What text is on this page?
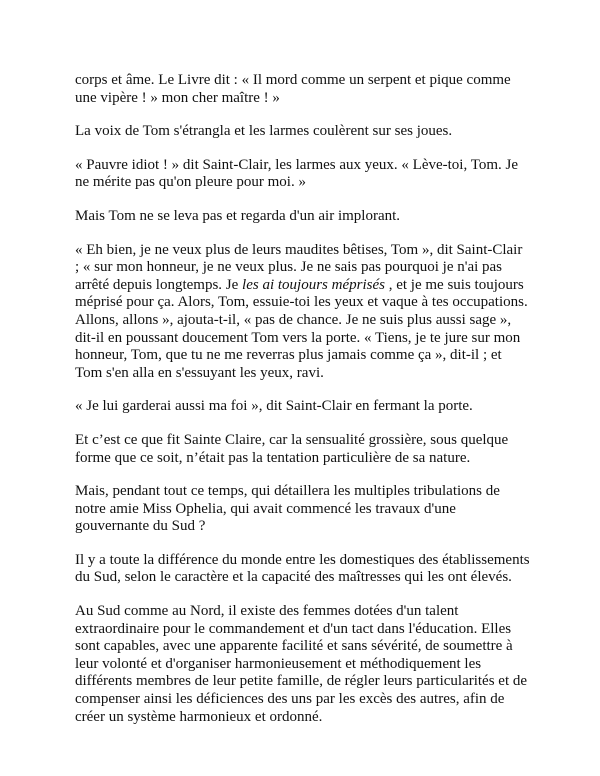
corps et âme. Le Livre dit : « Il mord comme un serpent et pique comme une vipère ! » mon cher maître ! »

La voix de Tom s'étrangla et les larmes coulèrent sur ses joues.

« Pauvre idiot ! » dit Saint-Clair, les larmes aux yeux. « Lève-toi, Tom. Je ne mérite pas qu'on pleure pour moi. »

Mais Tom ne se leva pas et regarda d'un air implorant.

« Eh bien, je ne veux plus de leurs maudites bêtises, Tom », dit Saint-Clair ; « sur mon honneur, je ne veux plus. Je ne sais pas pourquoi je n'ai pas arrêté depuis longtemps. Je les ai toujours méprisés , et je me suis toujours méprisé pour ça. Alors, Tom, essuie-toi les yeux et vaque à tes occupations. Allons, allons », ajouta-t-il, « pas de chance. Je ne suis plus aussi sage », dit-il en poussant doucement Tom vers la porte. « Tiens, je te jure sur mon honneur, Tom, que tu ne me reverras plus jamais comme ça », dit-il ; et Tom s'en alla en s'essuyant les yeux, ravi.

« Je lui garderai aussi ma foi », dit Saint-Clair en fermant la porte.

Et c’est ce que fit Sainte Claire, car la sensualité grossière, sous quelque forme que ce soit, n’était pas la tentation particulière de sa nature.

Mais, pendant tout ce temps, qui détaillera les multiples tribulations de notre amie Miss Ophelia, qui avait commencé les travaux d'une gouvernante du Sud ?

Il y a toute la différence du monde entre les domestiques des établissements du Sud, selon le caractère et la capacité des maîtresses qui les ont élevés.

Au Sud comme au Nord, il existe des femmes dotées d'un talent extraordinaire pour le commandement et d'un tact dans l'éducation. Elles sont capables, avec une apparente facilité et sans sévérité, de soumettre à leur volonté et d'organiser harmonieusement et méthodiquement les différents membres de leur petite famille, de régler leurs particularités et de compenser ainsi les déficiences des uns par les excès des autres, afin de créer un système harmonieux et ordonné.
